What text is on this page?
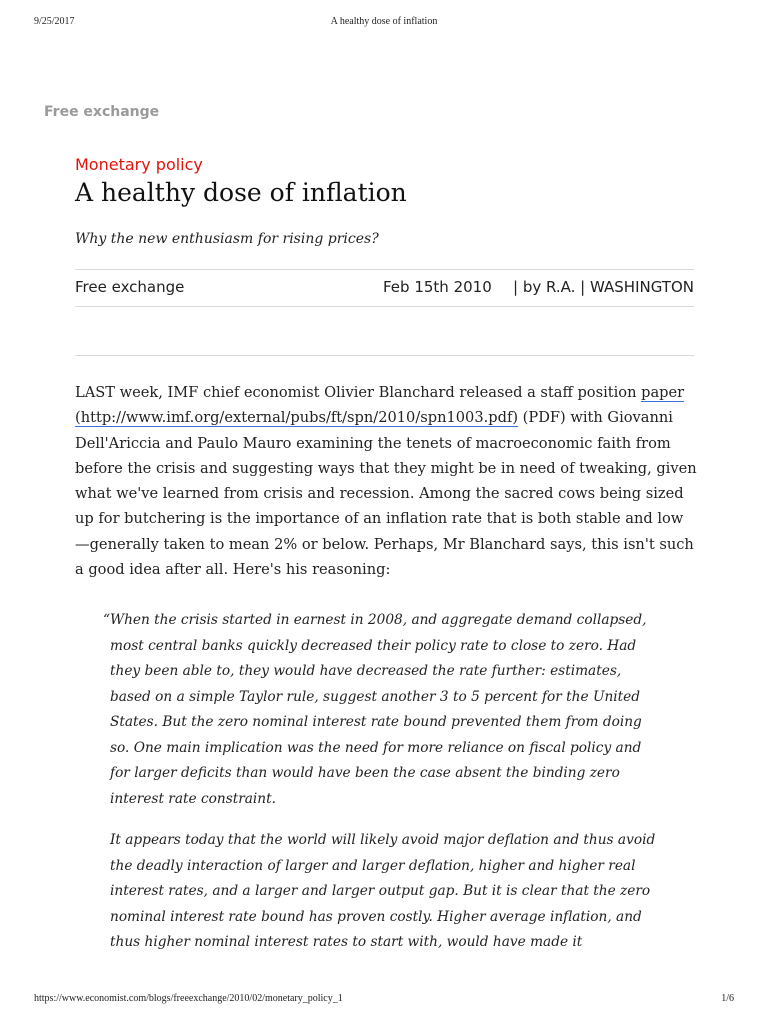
9/25/2017	A healthy dose of inflation
Free exchange
Monetary policy
A healthy dose of inflation
Why the new enthusiasm for rising prices?
Free exchange	Feb 15th 2010 | by R.A. | WASHINGTON

LAST week, IMF chief economist Olivier Blanchard released a staff position paper (http://www.imf.org/external/pubs/ft/spn/2010/spn1003.pdf) (PDF) with Giovanni Dell'Ariccia and Paulo Mauro examining the tenets of macroeconomic faith from before the crisis and suggesting ways that they might be in need of tweaking, given what we've learned from crisis and recession. Among the sacred cows being sized up for butchering is the importance of an inflation rate that is both stable and low—generally taken to mean 2% or below. Perhaps, Mr Blanchard says, this isn't such a good idea after all. Here's his reasoning:

“ When the crisis started in earnest in 2008, and aggregate demand collapsed, most central banks quickly decreased their policy rate to close to zero. Had they been able to, they would have decreased the rate further: estimates, based on a simple Taylor rule, suggest another 3 to 5 percent for the United States. But the zero nominal interest rate bound prevented them from doing so. One main implication was the need for more reliance on fiscal policy and for larger deficits than would have been the case absent the binding zero interest rate constraint.

It appears today that the world will likely avoid major deflation and thus avoid the deadly interaction of larger and larger deflation, higher and higher real interest rates, and a larger and larger output gap. But it is clear that the zero nominal interest rate bound has proven costly. Higher average inflation, and thus higher nominal interest rates to start with, would have made it

https://www.economist.com/blogs/freeexchange/2010/02/monetary_policy_1	1/6
